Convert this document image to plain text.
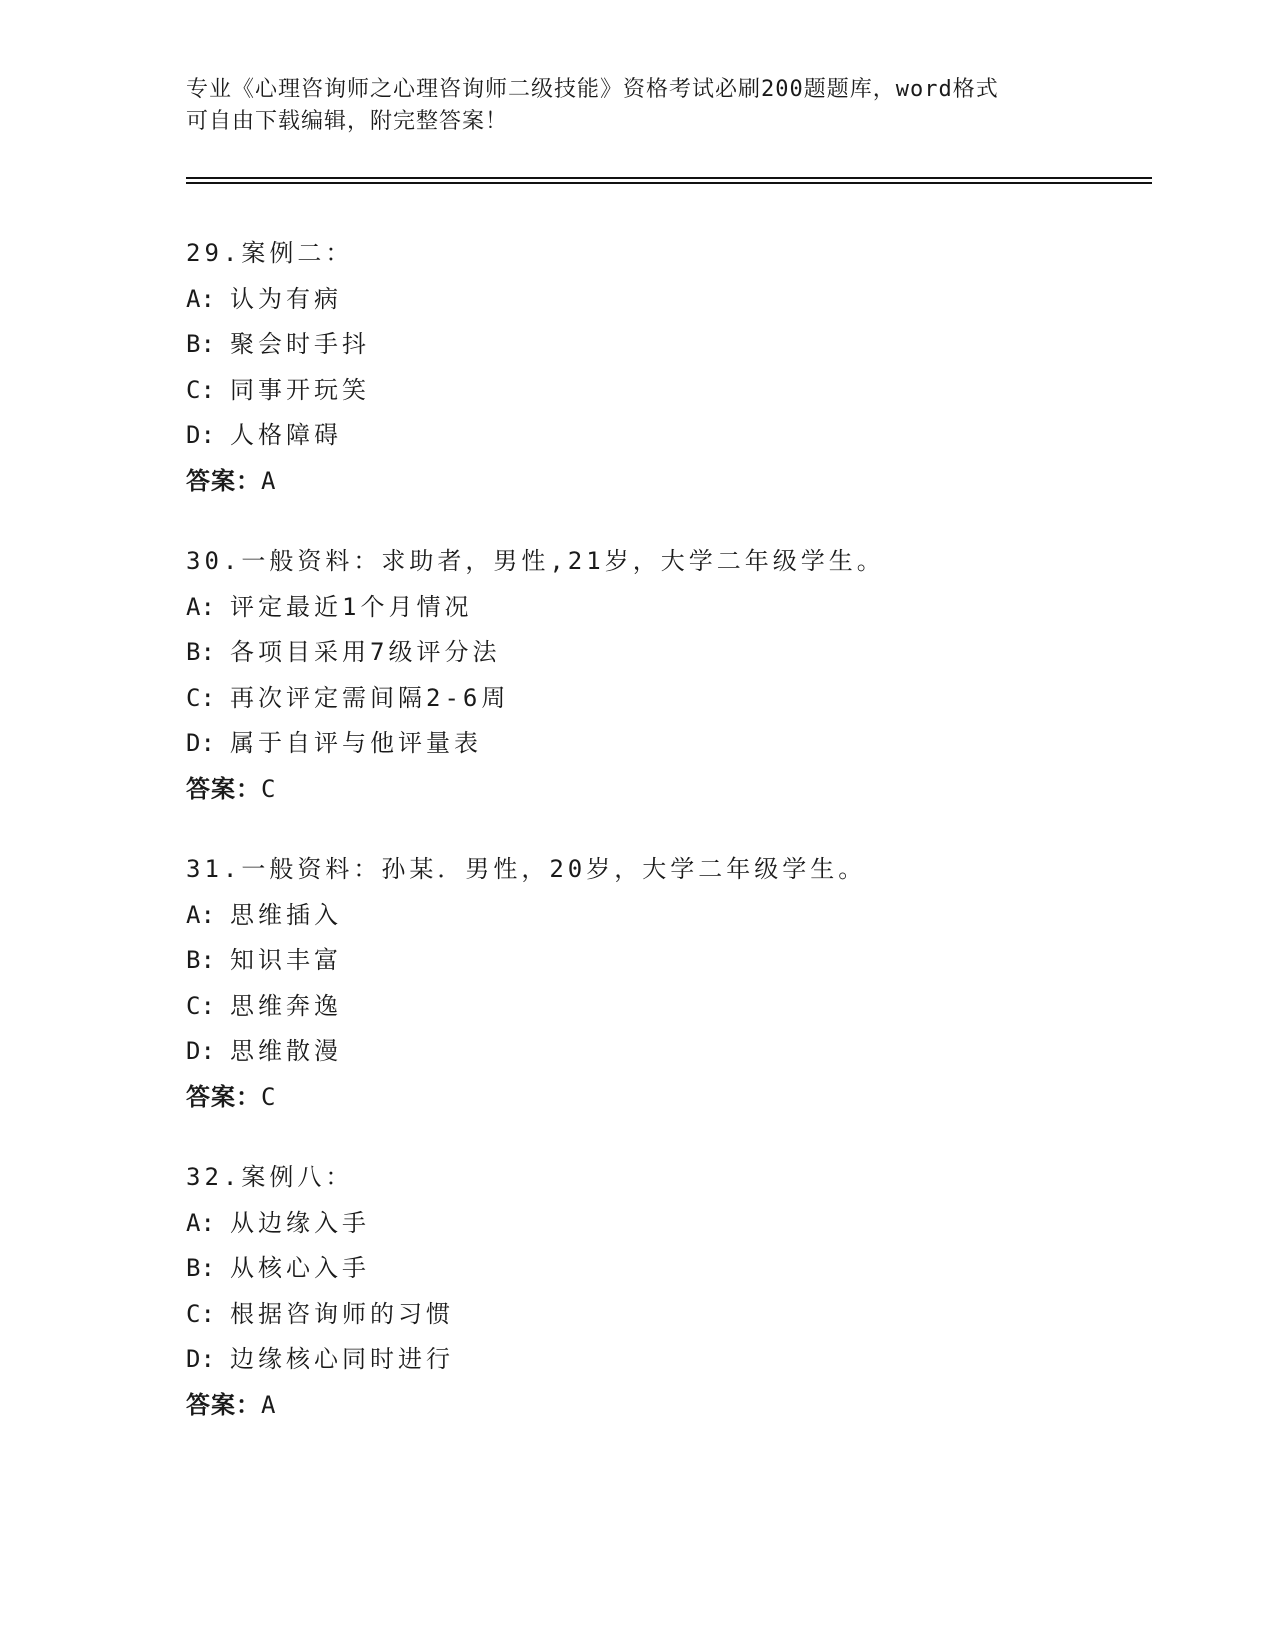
专业《心理咨询师之心理咨询师二级技能》资格考试必刷200题题库，word格式
可自由下载编辑，附完整答案！
29.案例二：
A: 认为有病
B: 聚会时手抖
C: 同事开玩笑
D: 人格障碍
答案：A
30.一般资料：求助者，男性,21岁，大学二年级学生。
A: 评定最近1个月情况
B: 各项目采用7级评分法
C: 再次评定需间隔2-6周
D: 属于自评与他评量表
答案：C
31.一般资料：孙某．男性，20岁，大学二年级学生。
A: 思维插入
B: 知识丰富
C: 思维奔逸
D: 思维散漫
答案：C
32.案例八：
A: 从边缘入手
B: 从核心入手
C: 根据咨询师的习惯
D: 边缘核心同时进行
答案：A
